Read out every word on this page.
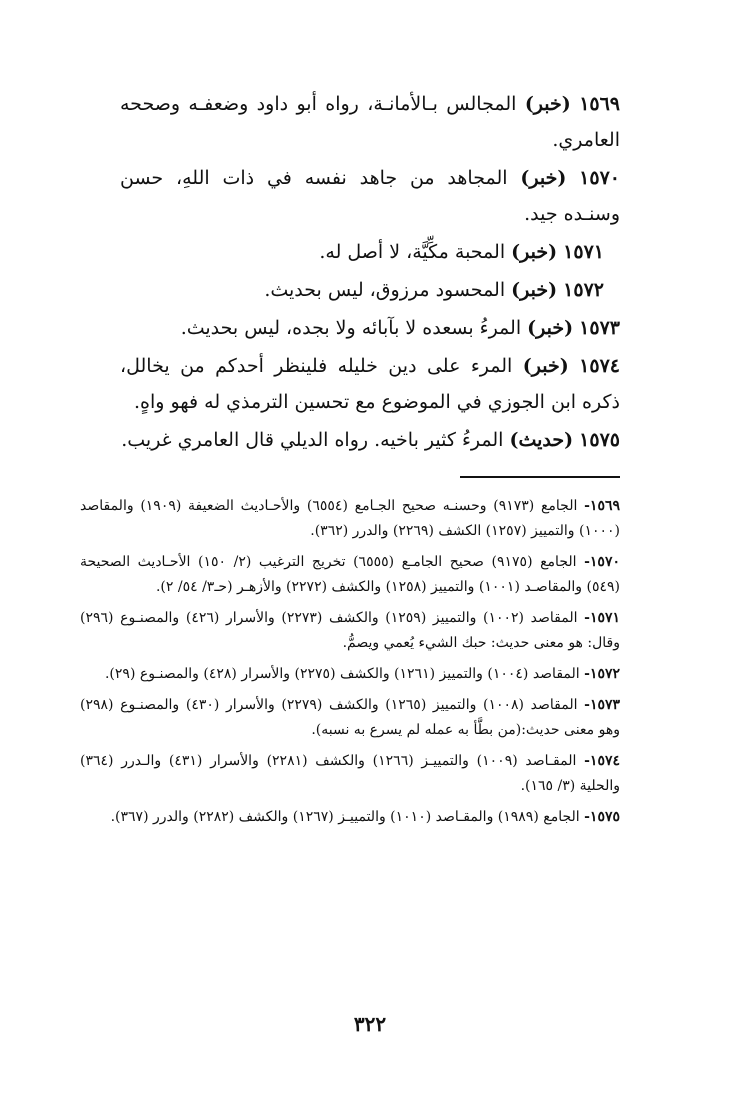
١٥٦٩ (خبر) المجالس بـالأمانـة، رواه أبو داود وضعفـه وصححه العامري.

١٥٧٠ (خبر) المجاهد من جاهد نفسه في ذات اللهِ، حسن وسنـده جيد.

١٥٧١ (خبر) المحبة مكِّيَّة، لا أصل له.

١٥٧٢ (خبر) المحسود مرزوق، ليس بحديث.

١٥٧٣ (خبر) المرءُ بسعده لا بآبائه ولا بجده، ليس بحديث.

١٥٧٤ (خبر) المرء على دين خليله فلينظر أحدكم من يخالل، ذكره ابن الجوزي في الموضوع مع تحسين الترمذي له فهو واهٍ.

١٥٧٥ (حديث) المرءُ كثير باخيه. رواه الديلي قال العامري غريب.

١٥٦٩- الجامع (٩١٧٣) وحسنـه صحيح الجـامع (٦٥٥٤) والأحـاديث الضعيفة (١٩٠٩) والمقاصد (١٠٠٠) والتمييز (١٢٥٧) الكشف (٢٢٦٩) والدرر (٣٦٢).

١٥٧٠- الجامع (٩١٧٥) صحيح الجامـع (٦٥٥٥) تخريج الترغيب (٢/ ١٥٠) الأحـاديث الصحيحة (٥٤٩) والمقاصـد (١٠٠١) والتمييز (١٢٥٨) والكشف (٢٢٧٢) والأزهـر (حـ٣/ ٥٤/ ٢).

١٥٧١- المقاصد (١٠٠٢) والتمييز (١٢٥٩) والكشف (٢٢٧٣) والأسرار (٤٢٦) والمصنـوع (٢٩٦) وقال: هو معنى حديث: حبك الشيء يُعمي ويصمُّ.

١٥٧٢- المقاصد (١٠٠٤) والتمييز (١٢٦١) والكشف (٢٢٧٥) والأسرار (٤٢٨) والمصنـوع (٢٩).

١٥٧٣- المقاصد (١٠٠٨) والتمييز (١٢٦٥) والكشف (٢٢٧٩) والأسرار (٤٣٠) والمصنـوع (٢٩٨) وهو معنى حديث:(من بطَّأ به عمله لم يسرع به نسبه).

١٥٧٤- المقـاصد (١٠٠٩) والتمييـز (١٢٦٦) والكشف (٢٢٨١) والأسرار (٤٣١) والـدرر (٣٦٤) والحلية (٣/ ١٦٥).

١٥٧٥- الجامع (١٩٨٩) والمقـاصد (١٠١٠) والتمييـز (١٢٦٧) والكشف (٢٢٨٢) والدرر (٣٦٧).

٣٢٢
